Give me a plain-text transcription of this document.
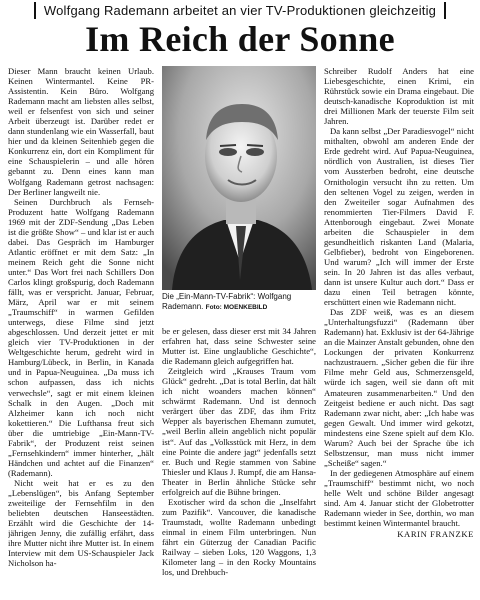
Wolfgang Rademann arbeitet an vier TV-Produktionen gleichzeitig
Im Reich der Sonne

Dieser Mann braucht keinen Urlaub. Keinen Wintermantel. Keine PR-Assistentin. Kein Büro. Wolfgang Rademann macht am liebsten alles selbst, weil er felsenfest von sich und seiner Arbeit überzeugt ist. Darüber redet er dann stundenlang wie ein Wasserfall, baut hier und da kleinen Seitenhieb gegen die Konkurrenz ein, dort ein Kompliment für eine Schauspielerin – und alle hören gebannt zu. Denn eines kann man Wolfgang Rademann getrost nachsagen: Der Berliner langweilt nie.

Seinen Durchbruch als Fernseh-Produzent hatte Wolfgang Rademann 1969 mit der ZDF-Sendung „Das Leben ist die größte Show“ – und klar ist er auch dabei. Das Gespräch im Hamburger Atlantic eröffnet er mit dem Satz: „In meinem Reich geht die Sonne nicht unter.“ Das Wort frei nach Schillers Don Carlos klingt großspurig, doch Rademann fällt, was er verspricht. Januar, Februar, März, April war er mit seinem „Traumschiff“ in warmen Gefilden unterwegs, diese Filme sind jetzt abgeschlossen. Und derzeit jettet er mit gleich vier TV-Produktionen in der Weltgeschichte herum, gedreht wird in Hamburg/Lübeck, in Berlin, in Kanada und in Papua-Neuguinea. „Da muss ich schon aufpassen, dass ich nichts verwechsle“, sagt er mit einem kleinen Schalk in den Augen. „Doch mit Alzheimer kann ich noch nicht kokettieren.“ Die Lufthansa freut sich über die umtriebige „Ein-Mann-TV-Fabrik“, der Produzent reist seinen „Fernsehkindern“ immer hinterher, „hält Händchen und achtet auf die Finanzen“ (Rademann).

Nicht weit hat er es zu den „Lebenslügen“, bis Anfang September zweiteilige der Fernsehfilm in den beliebten deutschen Hanseestädten. Erzählt wird die Geschichte der 14-jährigen Jenny, die zufällig erfährt, dass ihre Mutter nicht ihre Mutter ist. In einem Interview mit dem US-Schauspieler Jack Nicholson ha-

Die „Ein-Mann-TV-Fabrik“: Wolfgang Rademann. Foto: MOENKEBILD

be er gelesen, dass dieser erst mit 34 Jahren erfahren hat, dass seine Schwester seine Mutter ist. Eine unglaubliche Geschichte“, die Rademann gleich aufgegriffen hat.

Zeitgleich wird „Krauses Traum vom Glück“ gedreht. „Dat is total Berlin, dat hält ich nicht woanders machen können“ schwärmt Rademann. Und ist dennoch verärgert über das ZDF, das ihm Fritz Wepper als bayerischen Ehemann zumutet, „weil Berlin allein angeblich nicht populär ist“. Auf das „Volksstück mit Herz, in dem eine Pointe die andere jagt“ jedenfalls setzt er. Buch und Regie stammen von Sabine Thiesler und Klaus J. Rumpf, die am Hansa-Theater in Berlin ähnliche Stücke sehr erfolgreich auf die Bühne bringen.

Exotischer wird da schon die „Inselfahrt zum Pazifik“. Vancouver, die kanadische Traumstadt, wollte Rademann unbedingt einmal in einem Film unterbringen. Nun fährt ein Güterzug der Canadian Pacific Railway – sieben Loks, 120 Waggons, 1,3 Kilometer lang – in den Rocky Mountains los, und Drehbuch-

Schreiber Rudolf Anders hat eine Liebesgeschichte, einen Krimi, ein Rührstück sowie ein Drama eingebaut. Die deutsch-kanadische Koproduktion ist mit drei Millionen Mark der teuerste Film seit Jahren.

Da kann selbst „Der Paradiesvogel“ nicht mithalten, obwohl am anderen Ende der Erde gedreht wird. Auf Papua-Neuguinea, nördlich von Australien, ist dieses Tier vom Aussterben bedroht, eine deutsche Ornithologin versucht ihn zu retten. Um den seltenen Vogel zu zeigen, werden in den Zweiteiler sogar Aufnahmen des renommierten Tier-Filmers David F. Attenborough eingebaut. Zwei Monate arbeiten die Schauspieler in dem gesundheitlich riskanten Land (Malaria, Gelbfieber), bedroht von Eingeborenen. Und warum? „Ich will immer der Erste sein. In 20 Jahren ist das alles verbaut, dann ist unsere Kultur auch dort.“ Dass er dazu einen Teil betragen könnte, erschüttert einen wie Rademann nicht.

Das ZDF weiß, was es an diesem „Unterhaltungsfuzzi“ (Rademann über Rademann) hat. Exklusiv ist der 64-Jährige an die Mainzer Anstalt gebunden, ohne den Lockungen der privaten Konkurrenz nachzustrauern. „Sicher geben die für ihre Filme mehr Geld aus, Schmerzensgeld, würde ich sagen, weil sie dann oft mit Amateuren zusammenarbeiten.“ Und den Zeitgeist bediene er auch nicht. Das sagt Rademann zwar nicht, aber: „Ich habe was gegen Gewalt. Und immer wird gekotzt, mindestens eine Szene spielt auf dem Klo. Warum? Auch bei der Sprache übe ich Selbstzensur, man muss nicht immer „Scheiße“ sagen.“

In der gediegenen Atmosphäre auf einem „Traumschiff“ bestimmt nicht, wo noch helle Welt und schöne Bilder angesagt sind. Am 4. Januar sticht der Globetrotter Rademann wieder in See, dorthin, wo man bestimmt keinen Wintermantel braucht.

KARIN FRANZKE
